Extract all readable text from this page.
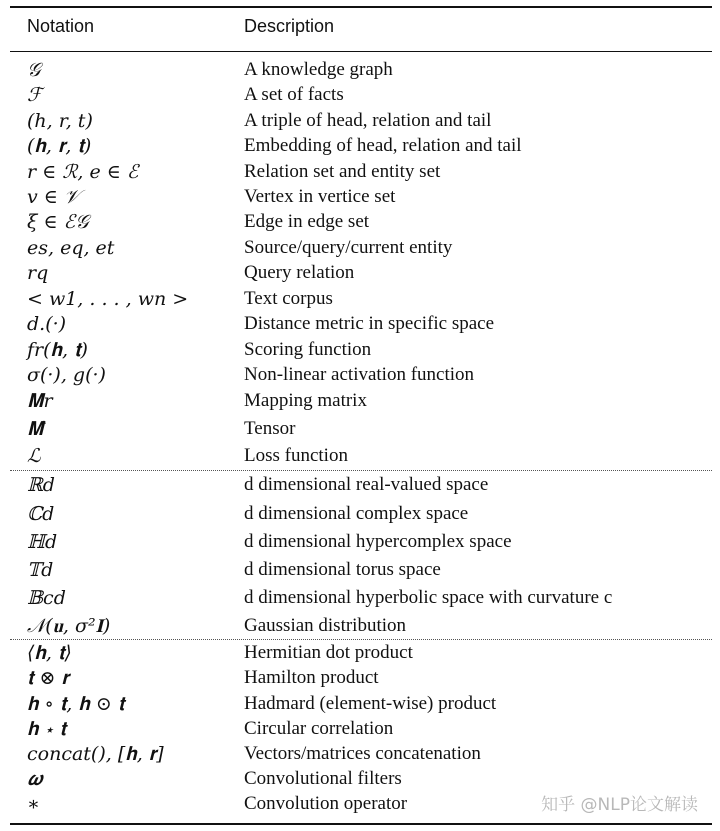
Notation	Description
𝒢	A knowledge graph
ℱ	A set of facts
(h, r, t)	A triple of head, relation and tail
(𝐡, 𝐫, 𝐭)	Embedding of head, relation and tail
r ∈ ℛ, e ∈ ℰ	Relation set and entity set
v ∈ 𝒱	Vertex in vertice set
ξ ∈ ℰ𝒢	Edge in edge set
es, eq, et	Source/query/current entity
rq	Query relation
< w1, . . . , wn >	Text corpus
d.(·)	Distance metric in specific space
fr(𝐡, 𝐭)	Scoring function
σ(·), g(·)	Non-linear activation function
𝐌r	Mapping matrix
𝐌̂	Tensor
ℒ	Loss function
ℝd	d dimensional real-valued space
ℂd	d dimensional complex space
ℍd	d dimensional hypercomplex space
𝕋d	d dimensional torus space
𝔹cd	d dimensional hyperbolic space with curvature c
𝒩(𝐮, σ²𝐈)	Gaussian distribution
⟨𝐡, 𝐭⟩	Hermitian dot product
𝐭 ⊗ 𝐫	Hamilton product
𝐡 ∘ 𝐭, 𝐡 ⊙ 𝐭	Hadmard (element-wise) product
𝐡 ⋆ 𝐭	Circular correlation
concat(), [𝐡, 𝐫]	Vectors/matrices concatenation
𝝎	Convolutional filters
∗	Convolution operator	知乎 @NLP论文解读
